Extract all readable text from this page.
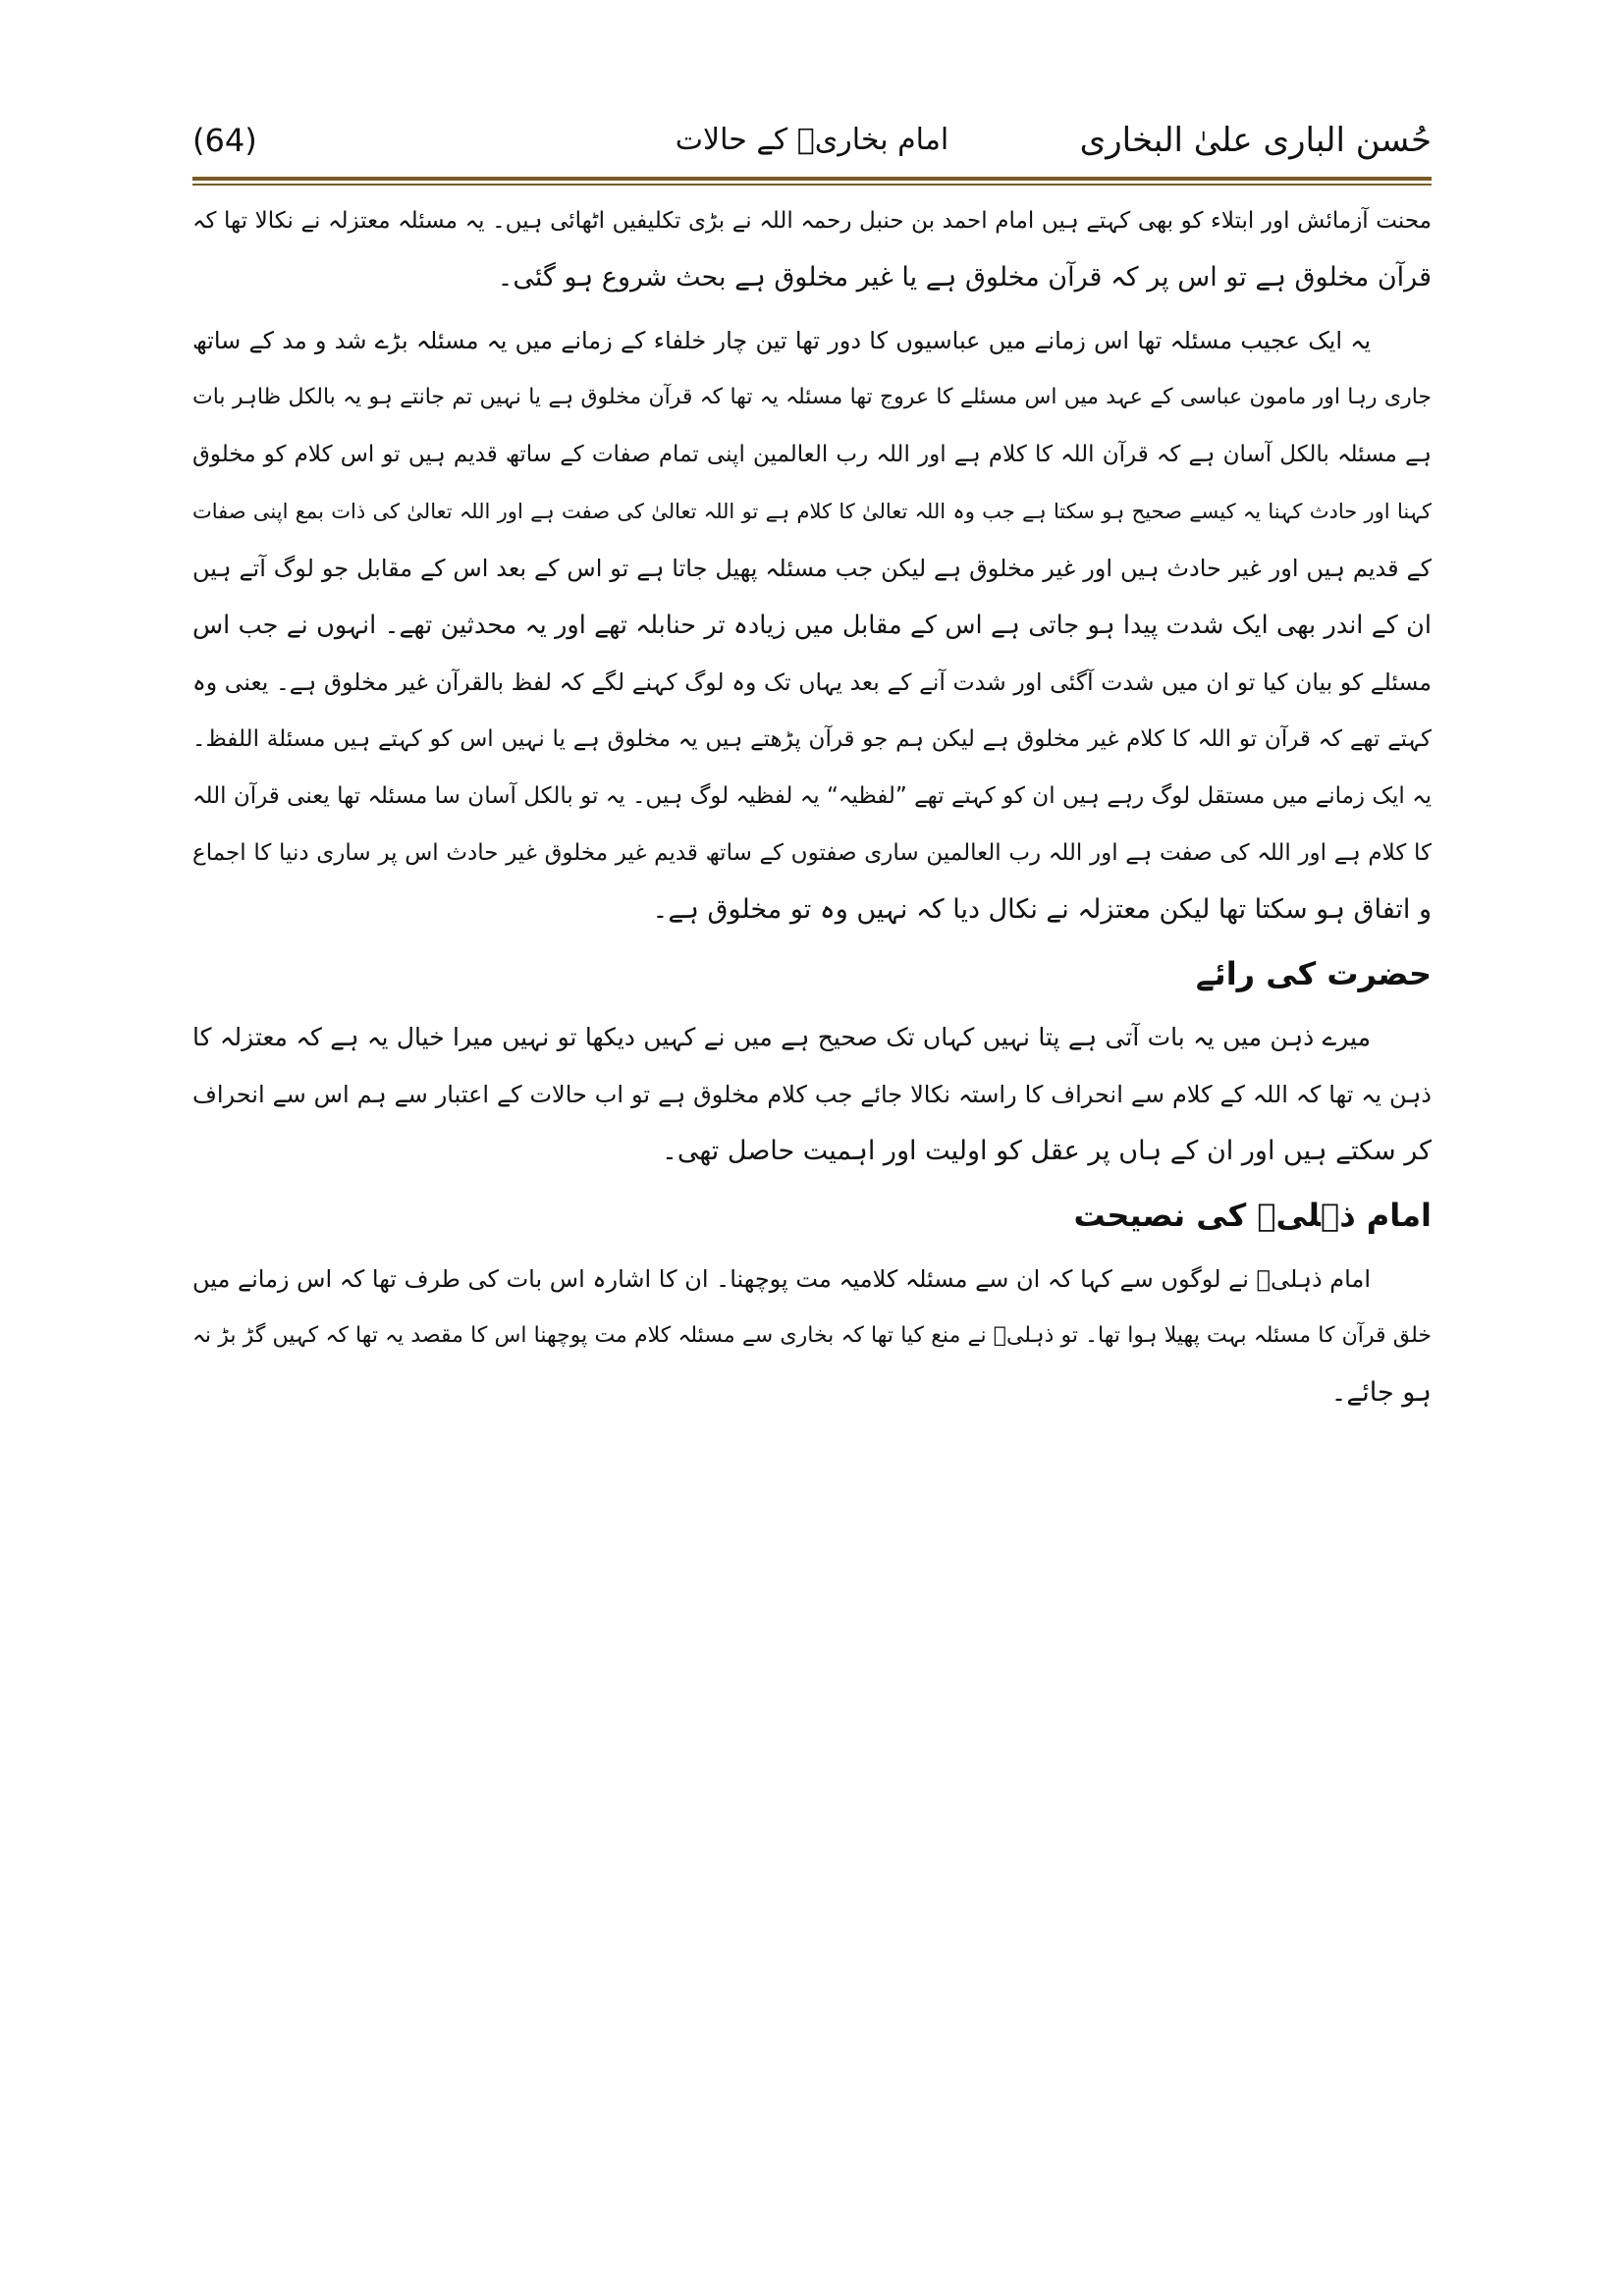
حُسن الباری علیٰ البخاری
امام بخاریؒ کے حالات
(64)
محنت آزمائش اور ابتلاء کو بھی کہتے ہیں امام احمد بن حنبل رحمہ اللہ نے بڑی تکلیفیں اٹھائی ہیں۔ یہ مسئلہ معتزلہ نے نکالا تھا کہ
قرآن مخلوق ہے تو اس پر کہ قرآن مخلوق ہے یا غیر مخلوق ہے بحث شروع ہو گئی۔
یہ ایک عجیب مسئلہ تھا اس زمانے میں عباسیوں کا دور تھا تین چار خلفاء کے زمانے میں یہ مسئلہ بڑے شد و مد کے ساتھ
جاری رہا اور مامون عباسی کے عہد میں اس مسئلے کا عروج تھا مسئلہ یہ تھا کہ قرآن مخلوق ہے یا نہیں تم جانتے ہو یہ بالکل ظاہر بات
ہے مسئلہ بالکل آسان ہے کہ قرآن اللہ کا کلام ہے اور اللہ رب العالمین اپنی تمام صفات کے ساتھ قدیم ہیں تو اس کلام کو مخلوق
کہنا اور حادث کہنا یہ کیسے صحیح ہو سکتا ہے جب وہ اللہ تعالیٰ کا کلام ہے تو اللہ تعالیٰ کی صفت ہے اور اللہ تعالیٰ کی ذات بمع اپنی صفات
کے قدیم ہیں اور غیر حادث ہیں اور غیر مخلوق ہے لیکن جب مسئلہ پھیل جاتا ہے تو اس کے بعد اس کے مقابل جو لوگ آتے ہیں
ان کے اندر بھی ایک شدت پیدا ہو جاتی ہے اس کے مقابل میں زیادہ تر حنابلہ تھے اور یہ محدثین تھے۔ انہوں نے جب اس
مسئلے کو بیان کیا تو ان میں شدت آگئی اور شدت آنے کے بعد یہاں تک وہ لوگ کہنے لگے کہ لفظ بالقرآن غیر مخلوق ہے۔ یعنی وہ
کہتے تھے کہ قرآن تو اللہ کا کلام غیر مخلوق ہے لیکن ہم جو قرآن پڑھتے ہیں یہ مخلوق ہے یا نہیں اس کو کہتے ہیں مسئلة اللفظ۔
یہ ایک زمانے میں مستقل لوگ رہے ہیں ان کو کہتے تھے ”لفظیہ“ یہ لفظیہ لوگ ہیں۔ یہ تو بالکل آسان سا مسئلہ تھا یعنی قرآن اللہ
کا کلام ہے اور اللہ کی صفت ہے اور اللہ رب العالمین ساری صفتوں کے ساتھ قدیم غیر مخلوق غیر حادث اس پر ساری دنیا کا اجماع
و اتفاق ہو سکتا تھا لیکن معتزلہ نے نکال دیا کہ نہیں وہ تو مخلوق ہے۔
حضرت کی رائے
میرے ذہن میں یہ بات آتی ہے پتا نہیں کہاں تک صحیح ہے میں نے کہیں دیکھا تو نہیں میرا خیال یہ ہے کہ معتزلہ کا
ذہن یہ تھا کہ اللہ کے کلام سے انحراف کا راستہ نکالا جائے جب کلام مخلوق ہے تو اب حالات کے اعتبار سے ہم اس سے انحراف
کر سکتے ہیں اور ان کے ہاں پر عقل کو اولیت اور اہمیت حاصل تھی۔
امام ذہلیؒ کی نصیحت
امام ذہلیؒ نے لوگوں سے کہا کہ ان سے مسئلہ کلامیہ مت پوچھنا۔ ان کا اشارہ اس بات کی طرف تھا کہ اس زمانے میں
خلق قرآن کا مسئلہ بہت پھیلا ہوا تھا۔ تو ذہلیؒ نے منع کیا تھا کہ بخاری سے مسئلہ کلام مت پوچھنا اس کا مقصد یہ تھا کہ کہیں گڑ بڑ نہ
ہو جائے۔
